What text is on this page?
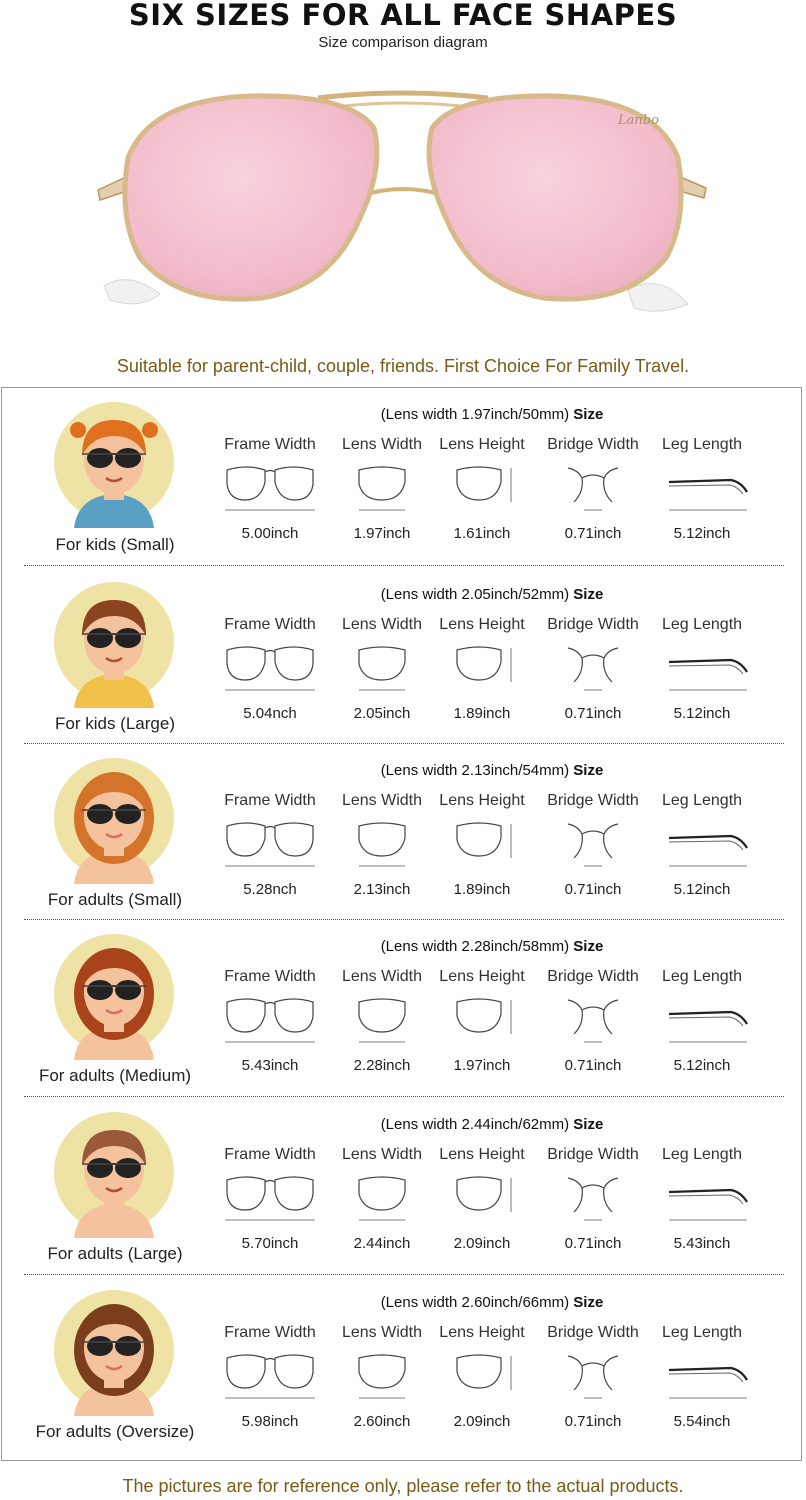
SIX SIZES FOR ALL FACE SHAPES
Size comparison diagram
Lanbo
Suitable for parent-child, couple, friends. First Choice For Family Travel.
For kids (Small)
(Lens width 1.97inch/50mm) Size
Frame Width
5.00inch
Lens Width
1.97inch
Lens Height
1.61inch
Bridge Width
0.71inch
Leg Length
5.12inch
For kids (Large)
(Lens width 2.05inch/52mm) Size
Frame Width
5.04nch
Lens Width
2.05inch
Lens Height
1.89inch
Bridge Width
0.71inch
Leg Length
5.12inch
For adults (Small)
(Lens width 2.13inch/54mm) Size
Frame Width
5.28nch
Lens Width
2.13inch
Lens Height
1.89inch
Bridge Width
0.71inch
Leg Length
5.12inch
For adults (Medium)
(Lens width 2.28inch/58mm) Size
Frame Width
5.43inch
Lens Width
2.28inch
Lens Height
1.97inch
Bridge Width
0.71inch
Leg Length
5.12inch
For adults (Large)
(Lens width 2.44inch/62mm) Size
Frame Width
5.70inch
Lens Width
2.44inch
Lens Height
2.09inch
Bridge Width
0.71inch
Leg Length
5.43inch
For adults (Oversize)
(Lens width 2.60inch/66mm) Size
Frame Width
5.98inch
Lens Width
2.60inch
Lens Height
2.09inch
Bridge Width
0.71inch
Leg Length
5.54inch
The pictures are for reference only, please refer to the actual products.
